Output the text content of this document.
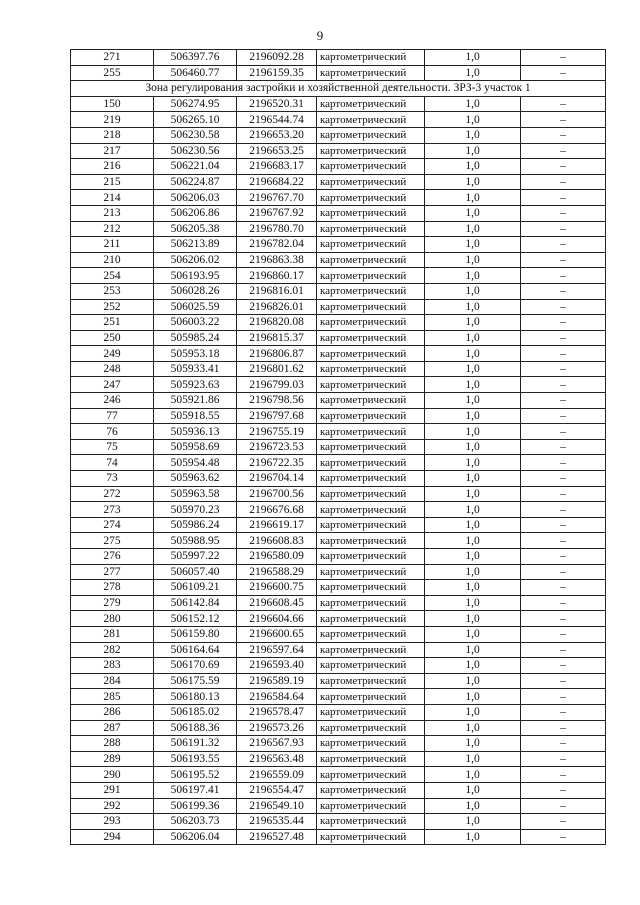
9
271	506397.76	2196092.28	картометрический	1,0	–
255	506460.77	2196159.35	картометрический	1,0	–
Зона регулирования застройки и хозяйственной деятельности. ЗРЗ-3 участок 1					
150	506274.95	2196520.31	картометрический	1,0	–
219	506265.10	2196544.74	картометрический	1,0	–
218	506230.58	2196653.20	картометрический	1,0	–
217	506230.56	2196653.25	картометрический	1,0	–
216	506221.04	2196683.17	картометрический	1,0	–
215	506224.87	2196684.22	картометрический	1,0	–
214	506206.03	2196767.70	картометрический	1,0	–
213	506206.86	2196767.92	картометрический	1,0	–
212	506205.38	2196780.70	картометрический	1,0	–
211	506213.89	2196782.04	картометрический	1,0	–
210	506206.02	2196863.38	картометрический	1,0	–
254	506193.95	2196860.17	картометрический	1,0	–
253	506028.26	2196816.01	картометрический	1,0	–
252	506025.59	2196826.01	картометрический	1,0	–
251	506003.22	2196820.08	картометрический	1,0	–
250	505985.24	2196815.37	картометрический	1,0	–
249	505953.18	2196806.87	картометрический	1,0	–
248	505933.41	2196801.62	картометрический	1,0	–
247	505923.63	2196799.03	картометрический	1,0	–
246	505921.86	2196798.56	картометрический	1,0	–
77	505918.55	2196797.68	картометрический	1,0	–
76	505936.13	2196755.19	картометрический	1,0	–
75	505958.69	2196723.53	картометрический	1,0	–
74	505954.48	2196722.35	картометрический	1,0	–
73	505963.62	2196704.14	картометрический	1,0	–
272	505963.58	2196700.56	картометрический	1,0	–
273	505970.23	2196676.68	картометрический	1,0	–
274	505986.24	2196619.17	картометрический	1,0	–
275	505988.95	2196608.83	картометрический	1,0	–
276	505997.22	2196580.09	картометрический	1,0	–
277	506057.40	2196588.29	картометрический	1,0	–
278	506109.21	2196600.75	картометрический	1,0	–
279	506142.84	2196608.45	картометрический	1,0	–
280	506152.12	2196604.66	картометрический	1,0	–
281	506159.80	2196600.65	картометрический	1,0	–
282	506164.64	2196597.64	картометрический	1,0	–
283	506170.69	2196593.40	картометрический	1,0	–
284	506175.59	2196589.19	картометрический	1,0	–
285	506180.13	2196584.64	картометрический	1,0	–
286	506185.02	2196578.47	картометрический	1,0	–
287	506188.36	2196573.26	картометрический	1,0	–
288	506191.32	2196567.93	картометрический	1,0	–
289	506193.55	2196563.48	картометрический	1,0	–
290	506195.52	2196559.09	картометрический	1,0	–
291	506197.41	2196554.47	картометрический	1,0	–
292	506199.36	2196549.10	картометрический	1,0	–
293	506203.73	2196535.44	картометрический	1,0	–
294	506206.04	2196527.48	картометрический	1,0	–
